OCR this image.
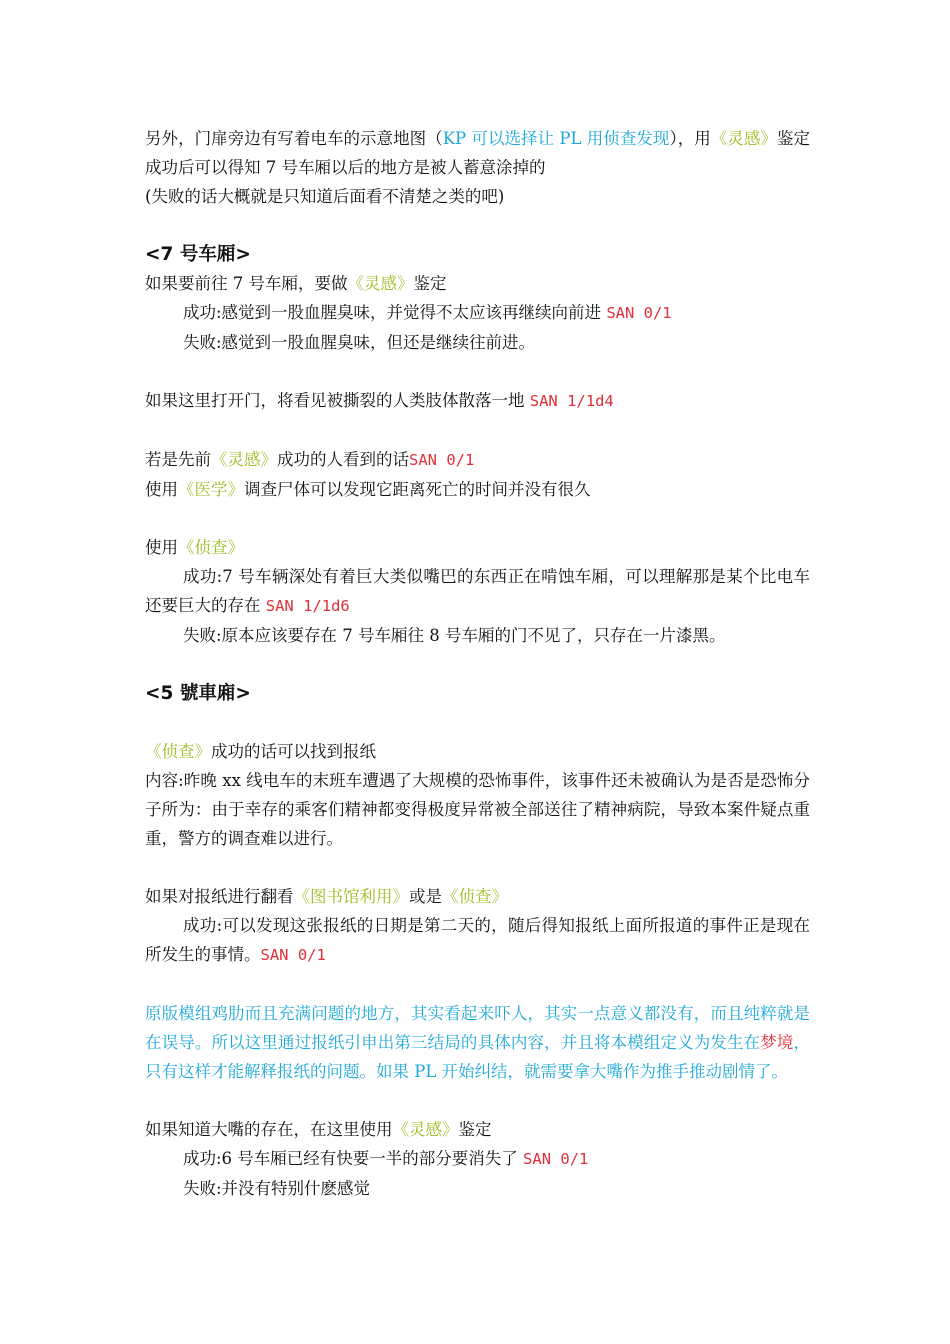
另外，门扉旁边有写着电车的示意地图（KP 可以选择让 PL 用侦查发现），用《灵感》鉴定成功后可以得知 7 号车厢以后的地方是被人蓄意涂掉的

(失败的话大概就是只知道后面看不清楚之类的吧)

<7 号车厢>

如果要前往 7 号车厢，要做《灵感》鉴定

成功:感觉到一股血腥臭味，并觉得不太应该再继续向前进 SAN 0/1

失败:感觉到一股血腥臭味，但还是继续往前进。

如果这里打开门，将看见被撕裂的人类肢体散落一地 SAN 1/1d4

若是先前《灵感》成功的人看到的话SAN 0/1

使用《医学》调查尸体可以发现它距离死亡的时间并没有很久

使用《侦查》

成功:7 号车辆深处有着巨大类似嘴巴的东西正在啃蚀车厢，可以理解那是某个比电车还要巨大的存在 SAN 1/1d6

失败:原本应该要存在 7 号车厢往 8 号车厢的门不见了，只存在一片漆黑。

<5 號車廂>

《侦查》成功的话可以找到报纸

内容:昨晚 xx 线电车的末班车遭遇了大规模的恐怖事件，该事件还未被确认为是否是恐怖分子所为：由于幸存的乘客们精神都变得极度异常被全部送往了精神病院，导致本案件疑点重重，警方的调查难以进行。

如果对报纸进行翻看《图书馆利用》或是《侦查》

成功:可以发现这张报纸的日期是第二天的，随后得知报纸上面所报道的事件正是现在所发生的事情。SAN 0/1

原版模组鸡肋而且充满问题的地方，其实看起来吓人，其实一点意义都没有，而且纯粹就是在误导。所以这里通过报纸引申出第三结局的具体内容，并且将本模组定义为发生在梦境，只有这样才能解释报纸的问题。如果 PL 开始纠结，就需要拿大嘴作为推手推动剧情了。

如果知道大嘴的存在，在这里使用《灵感》鉴定

成功:6 号车厢已经有快要一半的部分要消失了 SAN 0/1

失败:并没有特别什麽感觉
